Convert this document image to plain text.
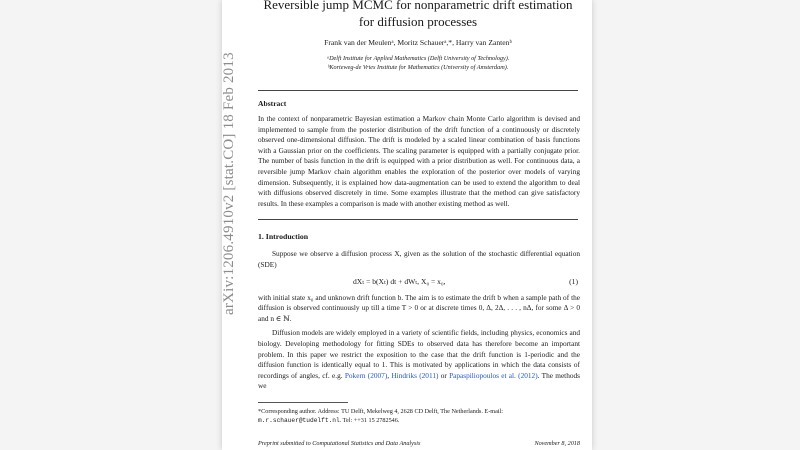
arXiv:1206.4910v2 [stat.CO] 18 Feb 2013
Reversible jump MCMC for nonparametric drift estimation for diffusion processes
Frank van der Meulenᵃ, Moritz Schauerᵃ,*, Harry van Zantenᵇ
ᵃDelft Institute for Applied Mathematics (Delft University of Technology).
ᵇKorteweg-de Vries Institute for Mathematics (University of Amsterdam).
Abstract
In the context of nonparametric Bayesian estimation a Markov chain Monte Carlo algorithm is devised and implemented to sample from the posterior distribution of the drift function of a continuously or discretely observed one-dimensional diffusion. The drift is modeled by a scaled linear combination of basis functions with a Gaussian prior on the coefficients. The scaling parameter is equipped with a partially conjugate prior. The number of basis function in the drift is equipped with a prior distribution as well. For continuous data, a reversible jump Markov chain algorithm enables the exploration of the posterior over models of varying dimension. Subsequently, it is explained how data-augmentation can be used to extend the algorithm to deal with diffusions observed discretely in time. Some examples illustrate that the method can give satisfactory results. In these examples a comparison is made with another existing method as well.
1. Introduction
Suppose we observe a diffusion process X, given as the solution of the stochastic differential equation (SDE)
dXₜ = b(Xₜ) dt + dWₜ, X₀ = x₀,	(1)
with initial state x₀ and unknown drift function b. The aim is to estimate the drift b when a sample path of the diffusion is observed continuously up till a time T > 0 or at discrete times 0, Δ, 2Δ, . . . , nΔ, for some Δ > 0 and n ∈ ℕ.
Diffusion models are widely employed in a variety of scientific fields, including physics, economics and biology. Developing methodology for fitting SDEs to observed data has therefore become an important problem. In this paper we restrict the exposition to the case that the drift function is 1-periodic and the diffusion function is identically equal to 1. This is motivated by applications in which the data consists of recordings of angles, cf. e.g. Pokern (2007), Hindriks (2011) or Papaspiliopoulos et al. (2012). The methods we
*Corresponding author. Address: TU Delft, Mekelweg 4, 2628 CD Delft, The Netherlands. E-mail: m.r.schauer@tudelft.nl. Tel: ++31 15 2782546.
Preprint submitted to Computational Statistics and Data Analysis	November 8, 2018
